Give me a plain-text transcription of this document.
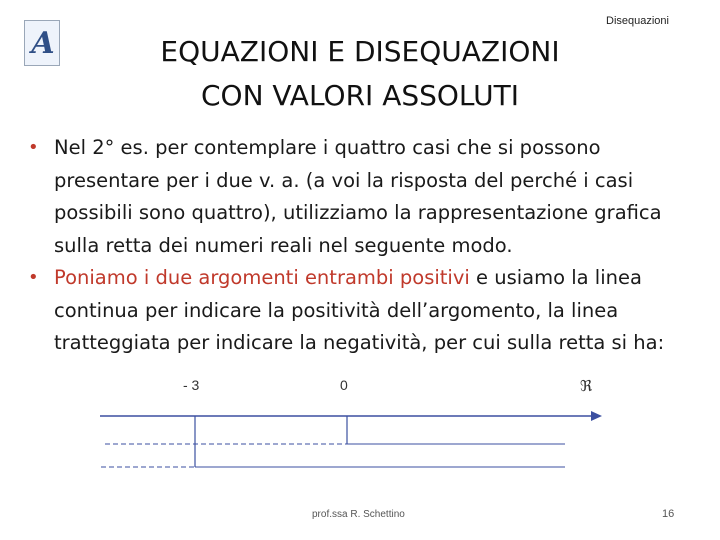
A
Disequazioni
EQUAZIONI E DISEQUAZIONI
CON VALORI ASSOLUTI
• Nel 2° es. per contemplare i quattro casi che si possono presentare per i due v. a. (a voi la risposta del perché i casi possibili sono quattro), utilizziamo la rappresentazione grafica sulla retta dei numeri reali nel seguente modo.
• Poniamo i due argomenti entrambi positivi e usiamo la linea continua per indicare la positività dell’argomento, la linea tratteggiata per indicare la negatività, per cui sulla retta si ha:
- 3	0	ℜ
prof.ssa R. Schettino	16
